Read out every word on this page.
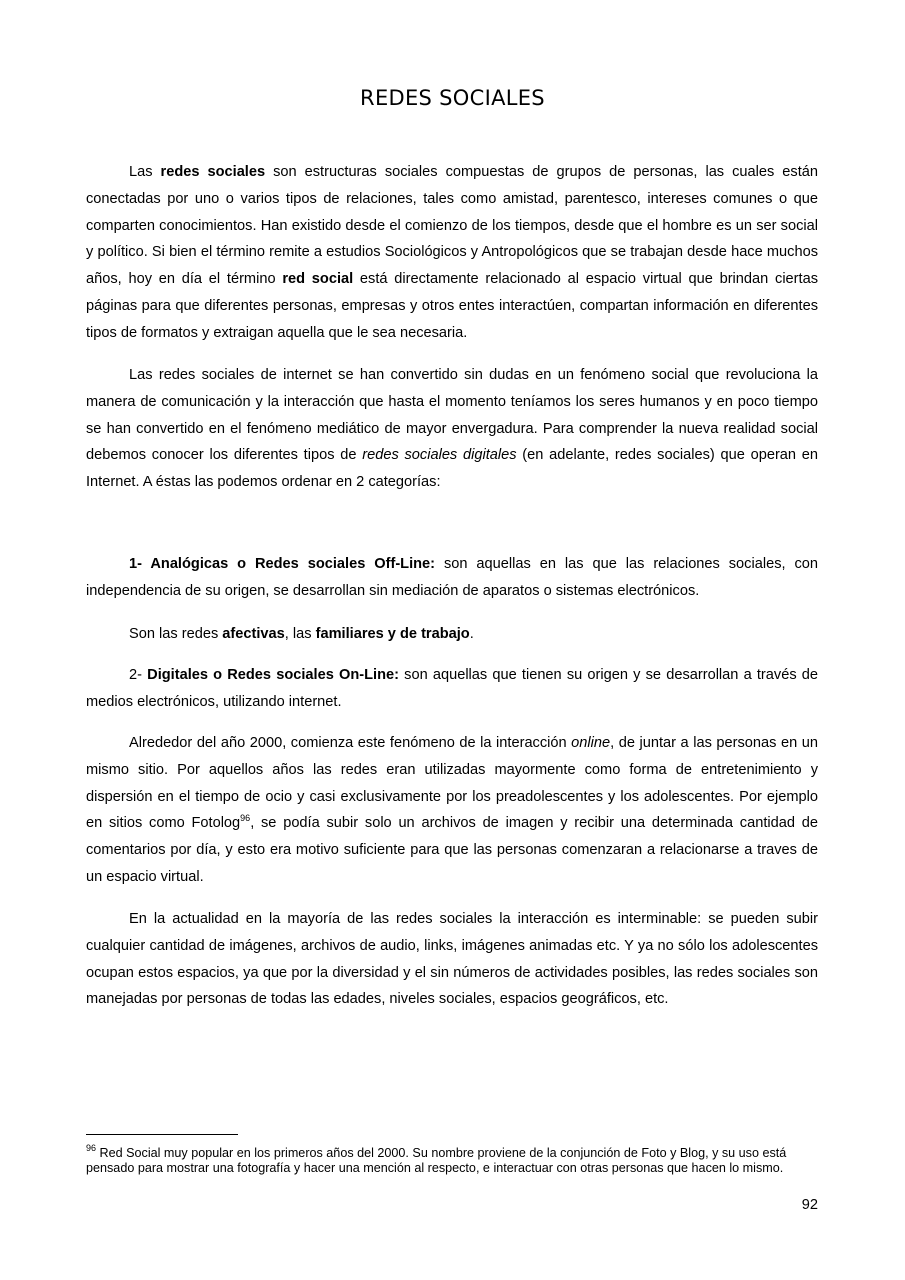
REDES SOCIALES

Las redes sociales son estructuras sociales compuestas de grupos de personas, las cuales están conectadas por uno o varios tipos de relaciones, tales como amistad, parentesco, intereses comunes o que comparten conocimientos. Han existido desde el comienzo de los tiempos, desde que el hombre es un ser social y político. Si bien el término remite a estudios Sociológicos y Antropológicos que se trabajan desde hace muchos años, hoy en día el término red social está directamente relacionado al espacio virtual que brindan ciertas páginas para que diferentes personas, empresas y otros entes interactúen, compartan información en diferentes tipos de formatos y extraigan aquella que le sea necesaria.

Las redes sociales de internet se han convertido sin dudas en un fenómeno social que revoluciona la manera de comunicación y la interacción que hasta el momento teníamos los seres humanos y en poco tiempo se han convertido en el fenómeno mediático de mayor envergadura. Para comprender la nueva realidad social debemos conocer los diferentes tipos de redes sociales digitales (en adelante, redes sociales) que operan en Internet. A éstas las podemos ordenar en 2 categorías:

1- Analógicas o Redes sociales Off-Line: son aquellas en las que las relaciones sociales, con independencia de su origen, se desarrollan sin mediación de aparatos o sistemas electrónicos.

Son las redes afectivas, las familiares y de trabajo.

2- Digitales o Redes sociales On-Line: son aquellas que tienen su origen y se desarrollan a través de medios electrónicos, utilizando internet.

Alrededor del año 2000, comienza este fenómeno de la interacción online, de juntar a las personas en un mismo sitio. Por aquellos años las redes eran utilizadas mayormente como forma de entretenimiento y dispersión en el tiempo de ocio y casi exclusivamente por los preadolescentes y los adolescentes. Por ejemplo en sitios como Fotolog$^{96}$, se podía subir solo un archivos de imagen y recibir una determinada cantidad de comentarios por día, y esto era motivo suficiente para que las personas comenzaran a relacionarse a traves de un espacio virtual.

En la actualidad en la mayoría de las redes sociales la interacción es interminable: se pueden subir cualquier cantidad de imágenes, archivos de audio, links, imágenes animadas etc. Y ya no sólo los adolescentes ocupan estos espacios, ya que por la diversidad y el sin números de actividades posibles, las redes sociales son manejadas por personas de todas las edades, niveles sociales, espacios geográficos, etc.

$^{96}$ Red Social muy popular en los primeros años del 2000. Su nombre proviene de la conjunción de Foto y Blog, y su uso está pensado para mostrar una fotografía y hacer una mención al respecto, e interactuar con otras personas que hacen lo mismo.
92
